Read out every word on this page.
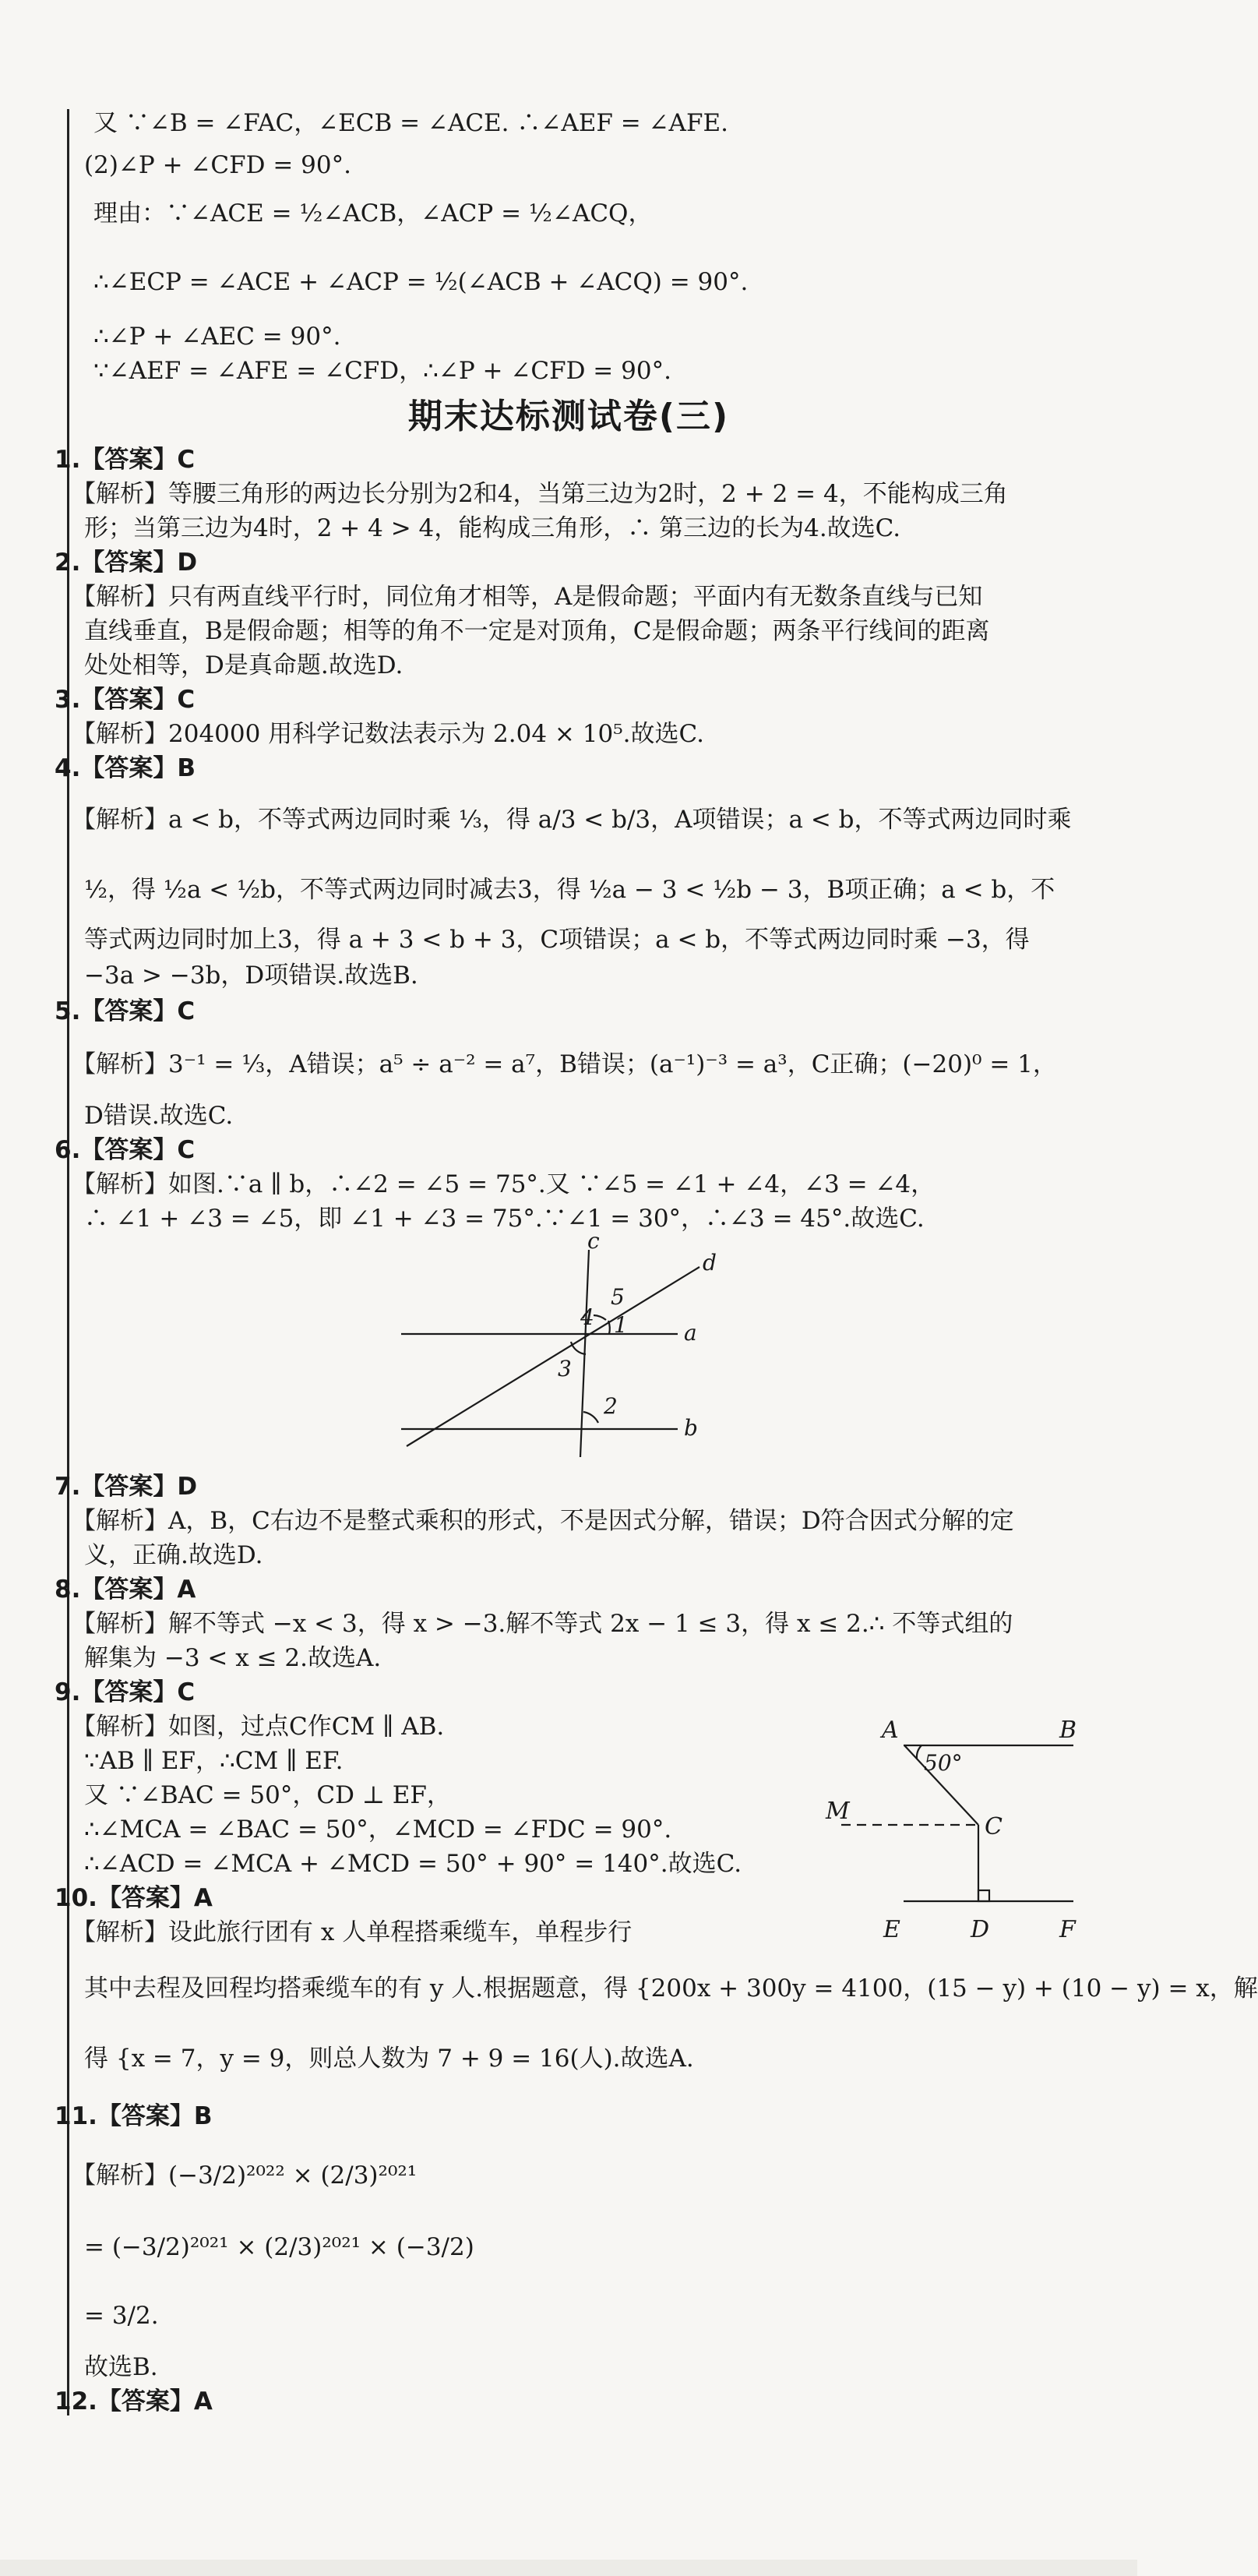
又 ∵∠B = ∠FAC，∠ECB = ∠ACE. ∴∠AEF = ∠AFE.
(2)∠P + ∠CFD = 90°.
理由：∵∠ACE = ½∠ACB，∠ACP = ½∠ACQ，
∴∠ECP = ∠ACE + ∠ACP = ½(∠ACB + ∠ACQ) = 90°.
∴∠P + ∠AEC = 90°.
∵∠AEF = ∠AFE = ∠CFD，∴∠P + ∠CFD = 90°.
期末达标测试卷(三)
1.【答案】C
【解析】等腰三角形的两边长分别为2和4，当第三边为2时，2 + 2 = 4，不能构成三角
形；当第三边为4时，2 + 4 > 4，能构成三角形，∴ 第三边的长为4.故选C.
2.【答案】D
【解析】只有两直线平行时，同位角才相等，A是假命题；平面内有无数条直线与已知
直线垂直，B是假命题；相等的角不一定是对顶角，C是假命题；两条平行线间的距离
处处相等，D是真命题.故选D.
3.【答案】C
【解析】204000 用科学记数法表示为 2.04 × 10⁵.故选C.
4.【答案】B
【解析】a < b，不等式两边同时乘 ⅓，得 a/3 < b/3，A项错误；a < b，不等式两边同时乘
½，得 ½a < ½b，不等式两边同时减去3，得 ½a − 3 < ½b − 3，B项正确；a < b，不
等式两边同时加上3，得 a + 3 < b + 3，C项错误；a < b，不等式两边同时乘 −3，得
−3a > −3b，D项错误.故选B.
5.【答案】C
【解析】3⁻¹ = ⅓，A错误；a⁵ ÷ a⁻² = a⁷，B错误；(a⁻¹)⁻³ = a³，C正确；(−20)⁰ = 1，
D错误.故选C.
6.【答案】C
【解析】如图.∵a ∥ b，∴∠2 = ∠5 = 75°.又 ∵∠5 = ∠1 + ∠4，∠3 = ∠4，
∴ ∠1 + ∠3 = ∠5，即 ∠1 + ∠3 = 75°.∵∠1 = 30°，∴∠3 = 45°.故选C.
c
d
5
4 1	a
3
2
b
7.【答案】D
【解析】A，B，C右边不是整式乘积的形式，不是因式分解，错误；D符合因式分解的定
义，正确.故选D.
8.【答案】A
【解析】解不等式 −x < 3，得 x > −3.解不等式 2x − 1 ≤ 3，得 x ≤ 2.∴ 不等式组的
解集为 −3 < x ≤ 2.故选A.
9.【答案】C
【解析】如图，过点C作CM ∥ AB.
∵AB ∥ EF，∴CM ∥ EF.
又 ∵∠BAC = 50°，CD ⊥ EF，
∴∠MCA = ∠BAC = 50°，∠MCD = ∠FDC = 90°.
∴∠ACD = ∠MCA + ∠MCD = 50° + 90° = 140°.故选C.
A	B
50°
M
C
E	D	F
10.【答案】A
【解析】设此旅行团有 x 人单程搭乘缆车，单程步行
其中去程及回程均搭乘缆车的有 y 人.根据题意，得 {200x + 300y = 4100，(15 − y) + (10 − y) = x，解
得 {x = 7，y = 9，则总人数为 7 + 9 = 16(人).故选A.
11.【答案】B
【解析】(−3/2)²⁰²² × (2/3)²⁰²¹
= (−3/2)²⁰²¹ × (2/3)²⁰²¹ × (−3/2)
= 3/2.
故选B.
12.【答案】A
